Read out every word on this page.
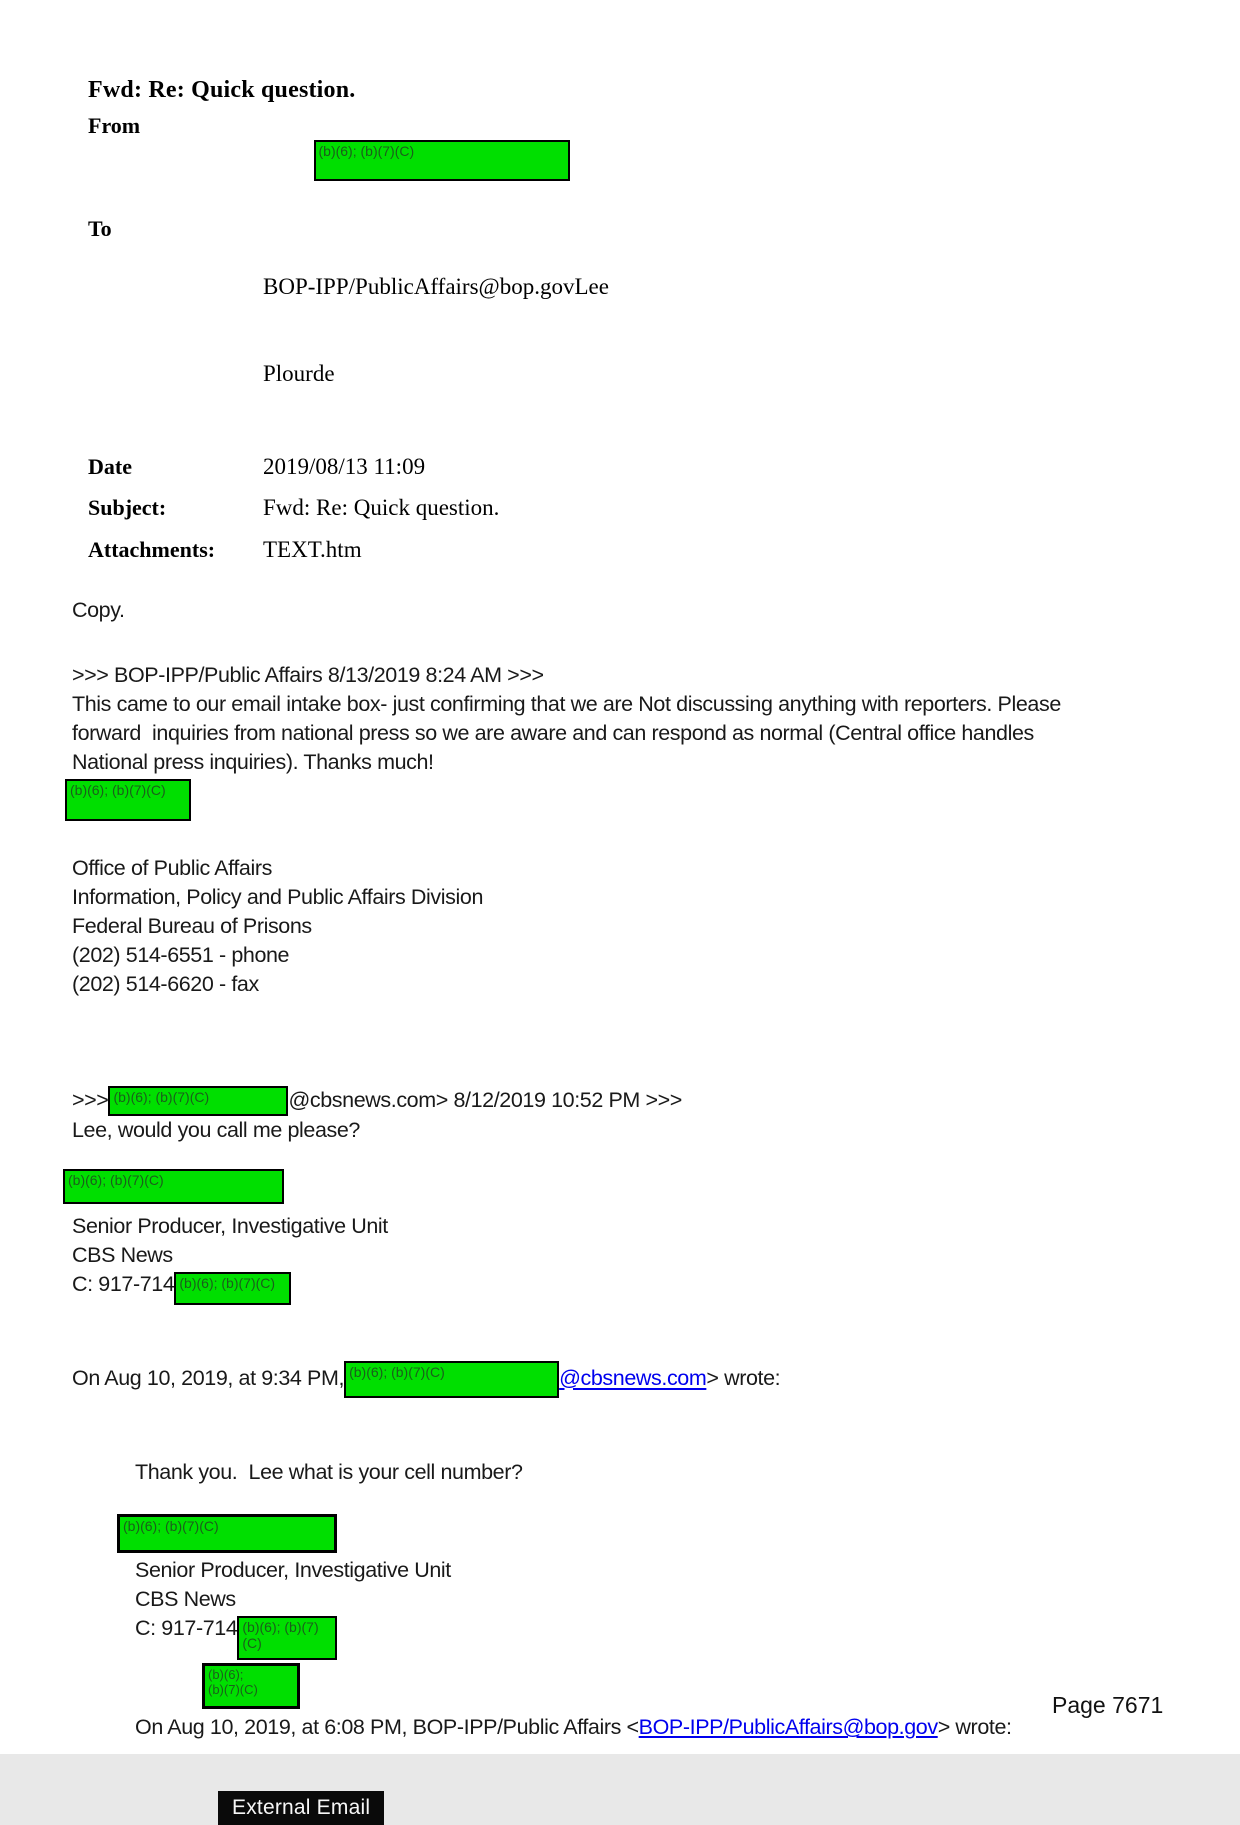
Fwd: Re: Quick question.
From

(b)(6); (b)(7)(C)

To

BOP-IPP/PublicAffairs@bop.govLee

Plourde

Date	2019/08/13 11:09
Subject:	Fwd: Re: Quick question.
Attachments:	TEXT.htm
Copy.
>>> BOP-IPP/Public Affairs 8/13/2019 8:24 AM >>>
This came to our email intake box- just confirming that we are Not discussing anything with reporters. Please
forward  inquiries from national press so we are aware and can respond as normal (Central office handles
National press inquiries). Thanks much!
(b)(6); (b)(7)(C)
Office of Public Affairs
Information, Policy and Public Affairs Division
Federal Bureau of Prisons
(202) 514-6551 - phone
(202) 514-6620 - fax
>>> (b)(6); (b)(7)(C)	@cbsnews.com> 8/12/2019 10:52 PM >>>
Lee, would you call me please?
(b)(6); (b)(7)(C)
Senior Producer, Investigative Unit
CBS News
C: 917-714 (b)(6); (b)(7)(C)
On Aug 10, 2019, at 9:34 PM, (b)(6); (b)(7)(C)	@cbsnews.com> wrote:
Thank you.  Lee what is your cell number?
(b)(6); (b)(7)(C)
Senior Producer, Investigative Unit
CBS News
C: 917-714 (b)(6); (b)(7)(C)
On Aug 10, 2019, at 6:08 PM, BOP-IPP/Public Affairs <BOP-IPP/PublicAffairs@bop.gov> wrote:
External Email
(b)(6);
(b)(7)(C)
Page 7671
